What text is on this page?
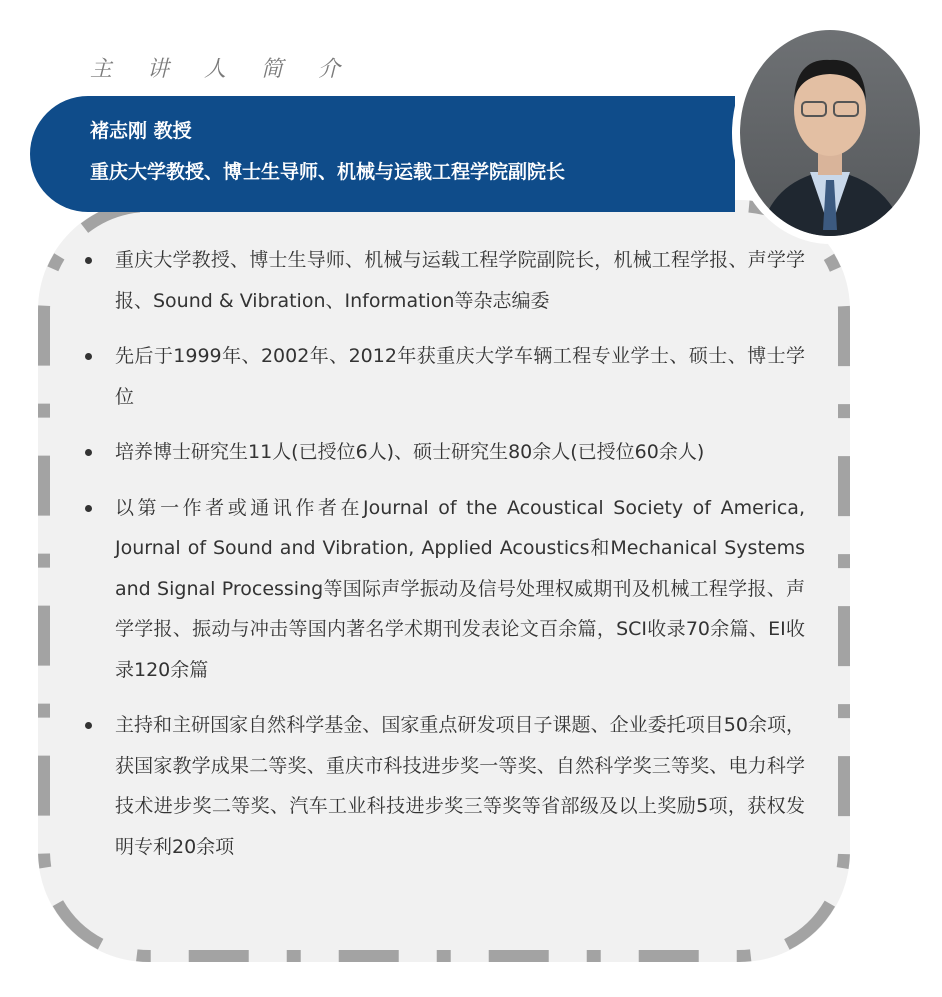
主 讲 人 简 介
褚志刚 教授
重庆大学教授、博士生导师、机械与运载工程学院副院长
重庆大学教授、博士生导师、机械与运载工程学院副院长，机械工程学报、声学学报、Sound & Vibration、Information等杂志编委
先后于1999年、2002年、2012年获重庆大学车辆工程专业学士、硕士、博士学位
培养博士研究生11人(已授位6人)、硕士研究生80余人(已授位60余人)
以第一作者或通讯作者在Journal of the Acoustical Society of America, Journal of Sound and Vibration, Applied Acoustics和Mechanical Systems and Signal Processing等国际声学振动及信号处理权威期刊及机械工程学报、声学学报、振动与冲击等国内著名学术期刊发表论文百余篇，SCI收录70余篇、EI收录120余篇
主持和主研国家自然科学基金、国家重点研发项目子课题、企业委托项目50余项，获国家教学成果二等奖、重庆市科技进步奖一等奖、自然科学奖三等奖、电力科学技术进步奖二等奖、汽车工业科技进步奖三等奖等省部级及以上奖励5项，获权发明专利20余项
